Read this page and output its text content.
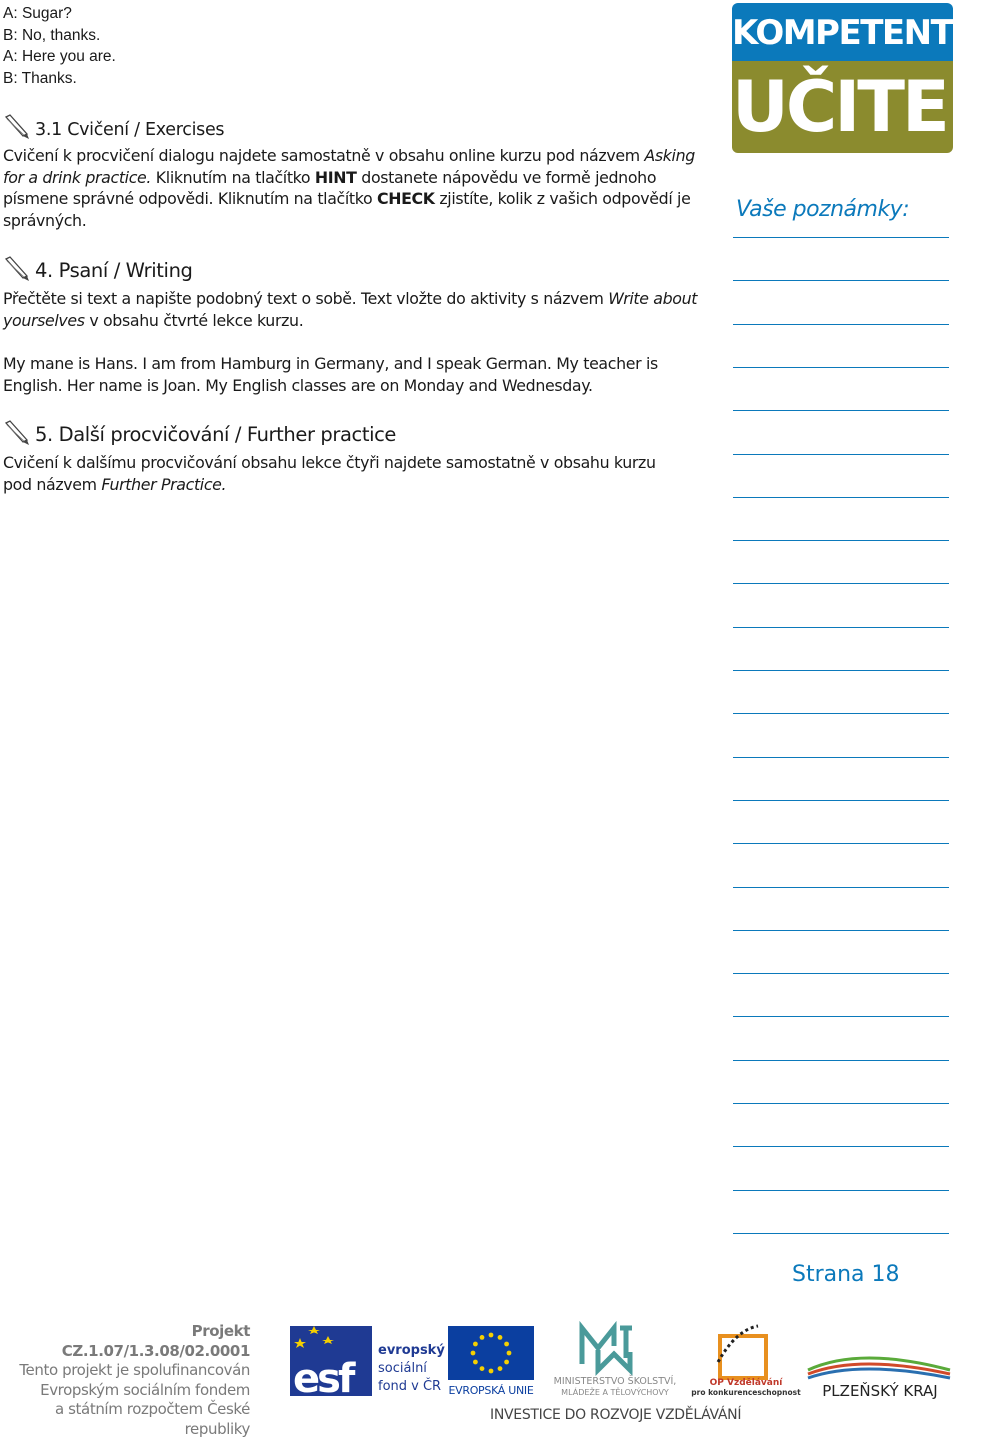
A: Sugar?
B: No, thanks.
A: Here you are.
B: Thanks.
3.1 Cvičení / Exercises
Cvičení k procvičení dialogu najdete samostatně v obsahu online kurzu pod názvem Asking for a drink practice. Kliknutím na tlačítko HINT dostanete nápovědu ve formě jednoho písmene správné odpovědi. Kliknutím na tlačítko CHECK zjistíte, kolik z vašich odpovědí je správných.
4. Psaní / Writing
Přečtěte si text a napište podobný text o sobě. Text vložte do aktivity s názvem Write about yourselves v obsahu čtvrté lekce kurzu.
My mane is Hans. I am from Hamburg in Germany, and I speak German. My teacher is English. Her name is Joan. My English classes are on Monday and Wednesday.
5. Další procvičování / Further practice
Cvičení k dalšímu procvičování obsahu lekce čtyři najdete samostatně v obsahu kurzu pod názvem Further Practice.
KOMPETENTNÍ
UČITEL
Vaše poznámky:
Strana 18
Projekt CZ.1.07/1.3.08/02.0001
Tento projekt je spolufinancován
Evropským sociálním fondem
a státním rozpočtem České republiky
esf
evropský
sociální
fond v ČR EVROPSKÁ UNIE
MINISTERSTVO ŠKOLSTVÍ,
MLÁDEŽE A TĚLOVÝCHOVY
OP Vzdělávání
pro konkurenceschopnost PLZEŇSKÝ KRAJ
INVESTICE DO ROZVOJE VZDĚLÁVÁNÍ
